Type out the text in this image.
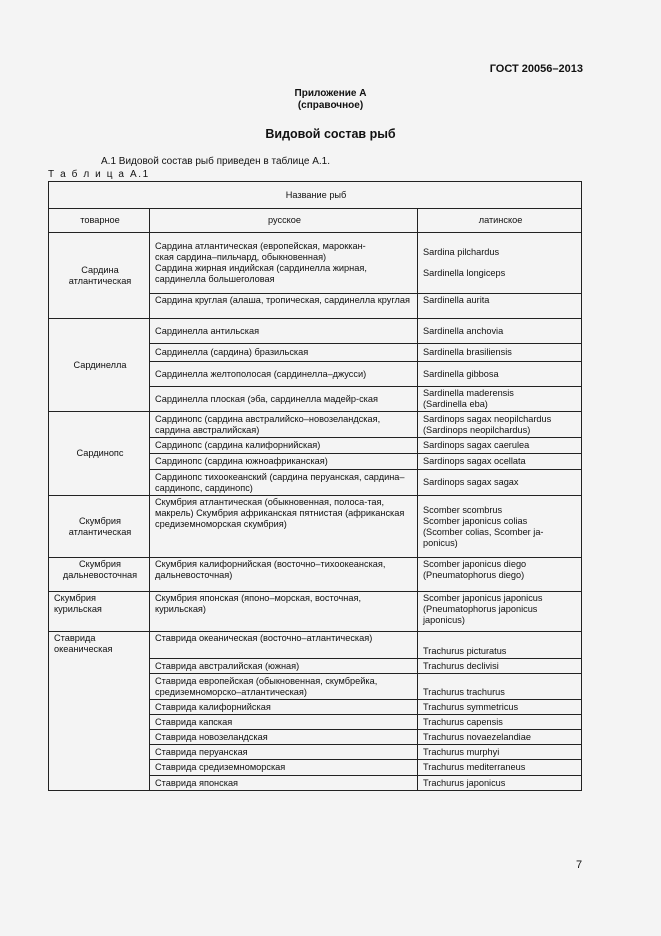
ГОСТ 20056–2013
Приложение А
(справочное)
Видовой состав рыб
А.1 Видовой состав рыб приведен в таблице А.1.
Т а б л и ц а А.1
Название рыб		
товарное	русское	латинское
Сардина атлантическая	Сардина атлантическая (европейская, мароккан-
ская сардина–пильчард, обыкновенная)
Сардина жирная индийская (сардинелла жирная,
сардинелла большеголовая	Sardina pilchardus
Sardinella longiceps

	Сардина круглая (алаша, тропическая, сардинелла круглая	Sardinella aurita
Сардинелла	Сардинелла антильская	Sardinella anchovia
	Сардинелла (сардина) бразильская	Sardinella brasiliensis
	Сардинелла желтополосая (сардинелла–джусси)	Sardinella gibbosa
	Сардинелла плоская (эба, сардинелла мадейр-ская	Sardinella maderensis
(Sardinella eba)

Сардинопс	Сардинопс (сардина австралийско–новозеландская, сардина австралийская)	Sardinops sagax neopilchardus
(Sardinops neopilchardus)

	Сардинопс (сардина калифорнийская)	Sardinops sagax caerulea
	Сардинопс (сардина южноафриканская)	Sardinops sagax ocellata
	Сардинопс тихоокеанский (сардина перуанская, сардина–сардинопс, сардинопс)	Sardinops sagax sagax
Скумбрия атлантическая	Скумбрия атлантическая (обыкновенная, полоса-тая, макрель) Скумбрия африканская пятнистая (африканская средиземноморская скумбрия)	Scomber scombrus
Scomber japonicus colias
(Scomber colias, Scomber ja-ponicus)

Скумбрия дальневосточная	Скумбрия калифорнийская (восточно–тихоокеанская, дальневосточная)	Scomber japonicus diego
(Pneumatophorus diego)

Скумбрия курильская	Скумбрия японская (японо–морская, восточная, курильская)	Scomber japonicus japonicus
(Pneumatophorus japonicus japonicus)

Ставрида океаническая	Ставрида океаническая (восточно–атлантическая)	Trachurus picturatus
	Ставрида австралийская (южная)	Trachurus declivisi
	Ставрида европейская (обыкновенная, скумбрейка, средиземноморско–атлантическая)	Trachurus trachurus
	Ставрида калифорнийская	Trachurus symmetricus
	Ставрида капская	Trachurus capensis
	Ставрида новозеландская	Trachurus novaezelandiae
	Ставрида перуанская	Trachurus murphyi
	Ставрида средиземноморская	Trachurus mediterraneus
	Ставрида японская	Trachurus japonicus
7
